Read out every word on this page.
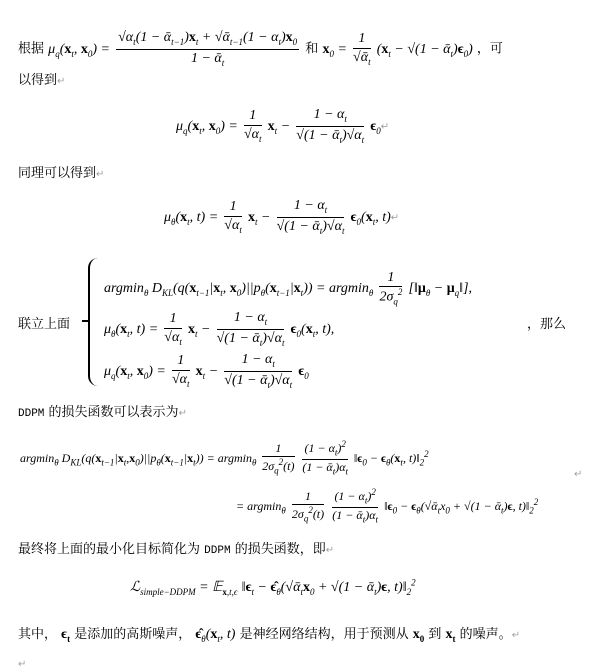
根据 $\mu_q(x_t$, $x_0) = \frac{√\alpha_t(1 - ᾱ_{t-1})x_t + √ᾱ_{t-1}(1 - \alpha_t)x_0}{1 - ᾱ_t}$ 和 $x_0 = \frac{1}{√ᾱ_t} (x_t - √(1$ − $ᾱ_t)\epsilon_0$) ，可
以得到↵
$\mu_q(x_t$, $x_0) = \frac{1}{√\alpha_t} x_t - \frac{1 - \alpha_t}{√(1 - ᾱ_t)√\alpha_t}$ $\epsilon_0↵$
同理可以得到↵
$\mu_\theta(x_t$, $t) = \frac{1}{√\alpha_t} x_t - \frac{1 - \alpha_t}{√(1 - ᾱ_t)√\alpha_t} \epsilon_0(x_t$, t)↵
联立上面
argmin$_\theta$ $D_{KL}(q(x_{t-1}|x_t$, $x_0)||p_\theta(x_{t-1}|x_t)) = argmin_\theta \frac{1}{2\sigma_q^2}$ [$‖\mu_\theta$ − $\mu_q‖$],
$\mu_\theta(x_t$, $t) = \frac{1}{√\alpha_t} x_t - \frac{1 - \alpha_t}{√(1 - ᾱ_t)√\alpha_t} \epsilon_0(x_t$, t),	，那么
$\mu_q(x_t$, $x_0) = \frac{1}{√\alpha_t} x_t - \frac{1 - \alpha_t}{√(1 - ᾱ_t)√\alpha_t} \epsilon_0$
DDPM 的损失函数可以表示为↵
argmin$_\theta$ $D_{KL}(q(x_{t-1}|x_t,x_0)||p_\theta(x_{t-1}|x_t)) = argmin_\theta \frac{1}{2\sigma_q^2(t)}$
$\frac{(1 - \alpha_t)^2}{(1 - ᾱ_t)\alpha_t}$ $‖\epsilon_0 - \epsilon_\theta(x_t$, $t)‖_2^2$
↵
= $argmin_\theta \frac{1}{2\sigma_q^2(t)}$
$\frac{(1 - \alpha_t)^2}{(1 - ᾱ_t)\alpha_t}$ $‖\epsilon_0$ − $\epsilon_\theta(√ᾱ_tx_0 + √(1$ − ᾱ$_t$)ϵ, $t)‖_2^2$
最终将上面的最小化目标简化为 DDPM 的损失函数，即↵
ℒ$_{simple-DDPM}$ = 𝔼$_{x,t,\epsilon}$ $‖\epsilon_t$ − $\epsilon̂_\theta(√ᾱ_tx_0 + √(1$ − ᾱ$_t$)ϵ, $t)‖_2^2$
其中， $\epsilon_t$ 是添加的高斯噪声， $\epsilon̂_\theta(x_t$, t) 是神经网络结构，用于预测从 $x_0$ 到 $x_t$ 的噪声。↵
↵
